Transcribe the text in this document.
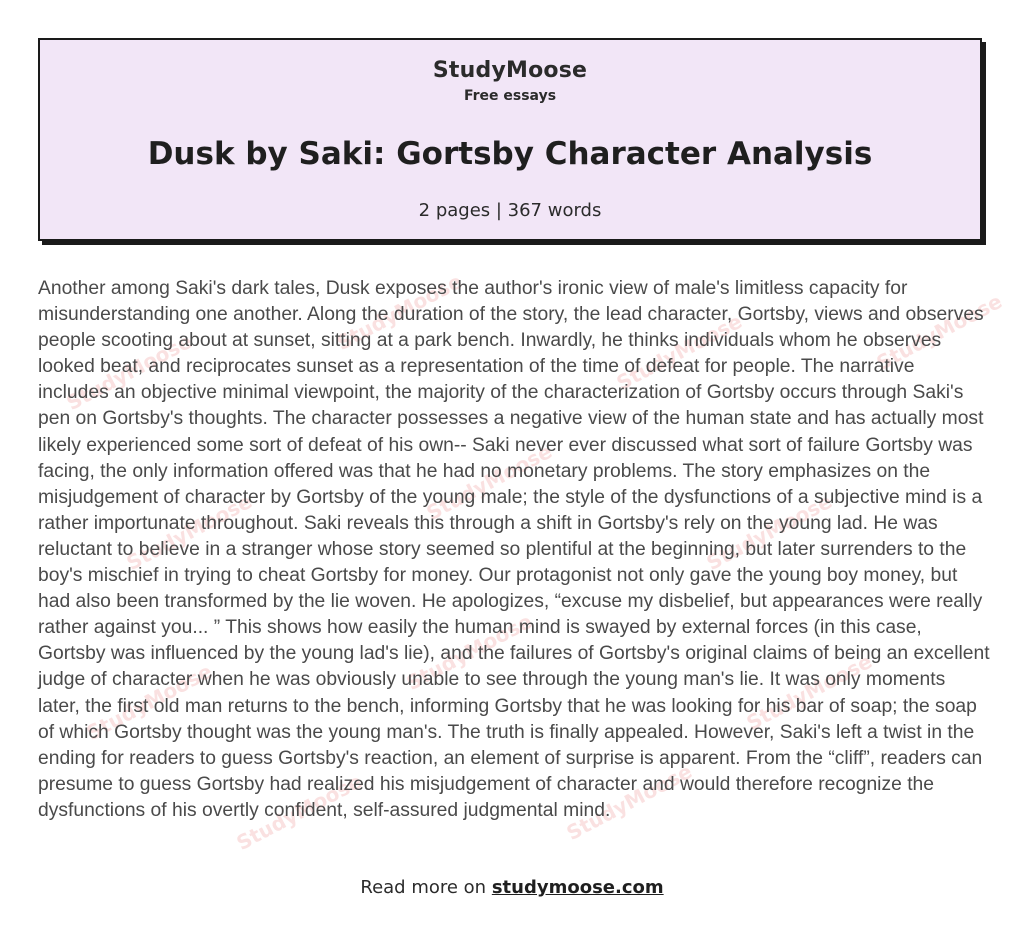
StudyMoose
StudyMoose	StudyMoose	StudyMoose
StudyMoose
StudyMoose
StudyMoose
StudyMoose
StudyMoose	StudyMoose
StudyMoose	StudyMoose
StudyMoose
Free essays
Dusk by Saki: Gortsby Character Analysis
2 pages | 367 words

Another among Saki's dark tales, Dusk exposes the author's ironic view of male's limitless capacity for misunderstanding one another. Along the duration of the story, the lead character, Gortsby, views and observes people scooting about at sunset, sitting at a park bench. Inwardly, he thinks individuals whom he observes looked beat, and reciprocates sunset as a representation of the time of defeat for people. The narrative includes an objective minimal viewpoint, the majority of the characterization of Gortsby occurs through Saki's pen on Gortsby's thoughts. The character possesses a negative view of the human state and has actually most likely experienced some sort of defeat of his own-- Saki never ever discussed what sort of failure Gortsby was facing, the only information offered was that he had no monetary problems. The story emphasizes on the misjudgement of character by Gortsby of the young male; the style of the dysfunctions of a subjective mind is a rather importunate throughout. Saki reveals this through a shift in Gortsby's rely on the young lad. He was reluctant to believe in a stranger whose story seemed so plentiful at the beginning, but later surrenders to the boy's mischief in trying to cheat Gortsby for money. Our protagonist not only gave the young boy money, but had also been transformed by the lie woven. He apologizes, “excuse my disbelief, but appearances were really rather against you... ” This shows how easily the human mind is swayed by external forces (in this case, Gortsby was influenced by the young lad's lie), and the failures of Gortsby's original claims of being an excellent judge of character when he was obviously unable to see through the young man's lie. It was only moments later, the first old man returns to the bench, informing Gortsby that he was looking for his bar of soap; the soap of which Gortsby thought was the young man's. The truth is finally appealed. However, Saki's left a twist in the ending for readers to guess Gortsby's reaction, an element of surprise is apparent. From the “cliff”, readers can presume to guess Gortsby had realized his misjudgement of character and would therefore recognize the dysfunctions of his overtly confident, self-assured judgmental mind.

Read more on studymoose.com
